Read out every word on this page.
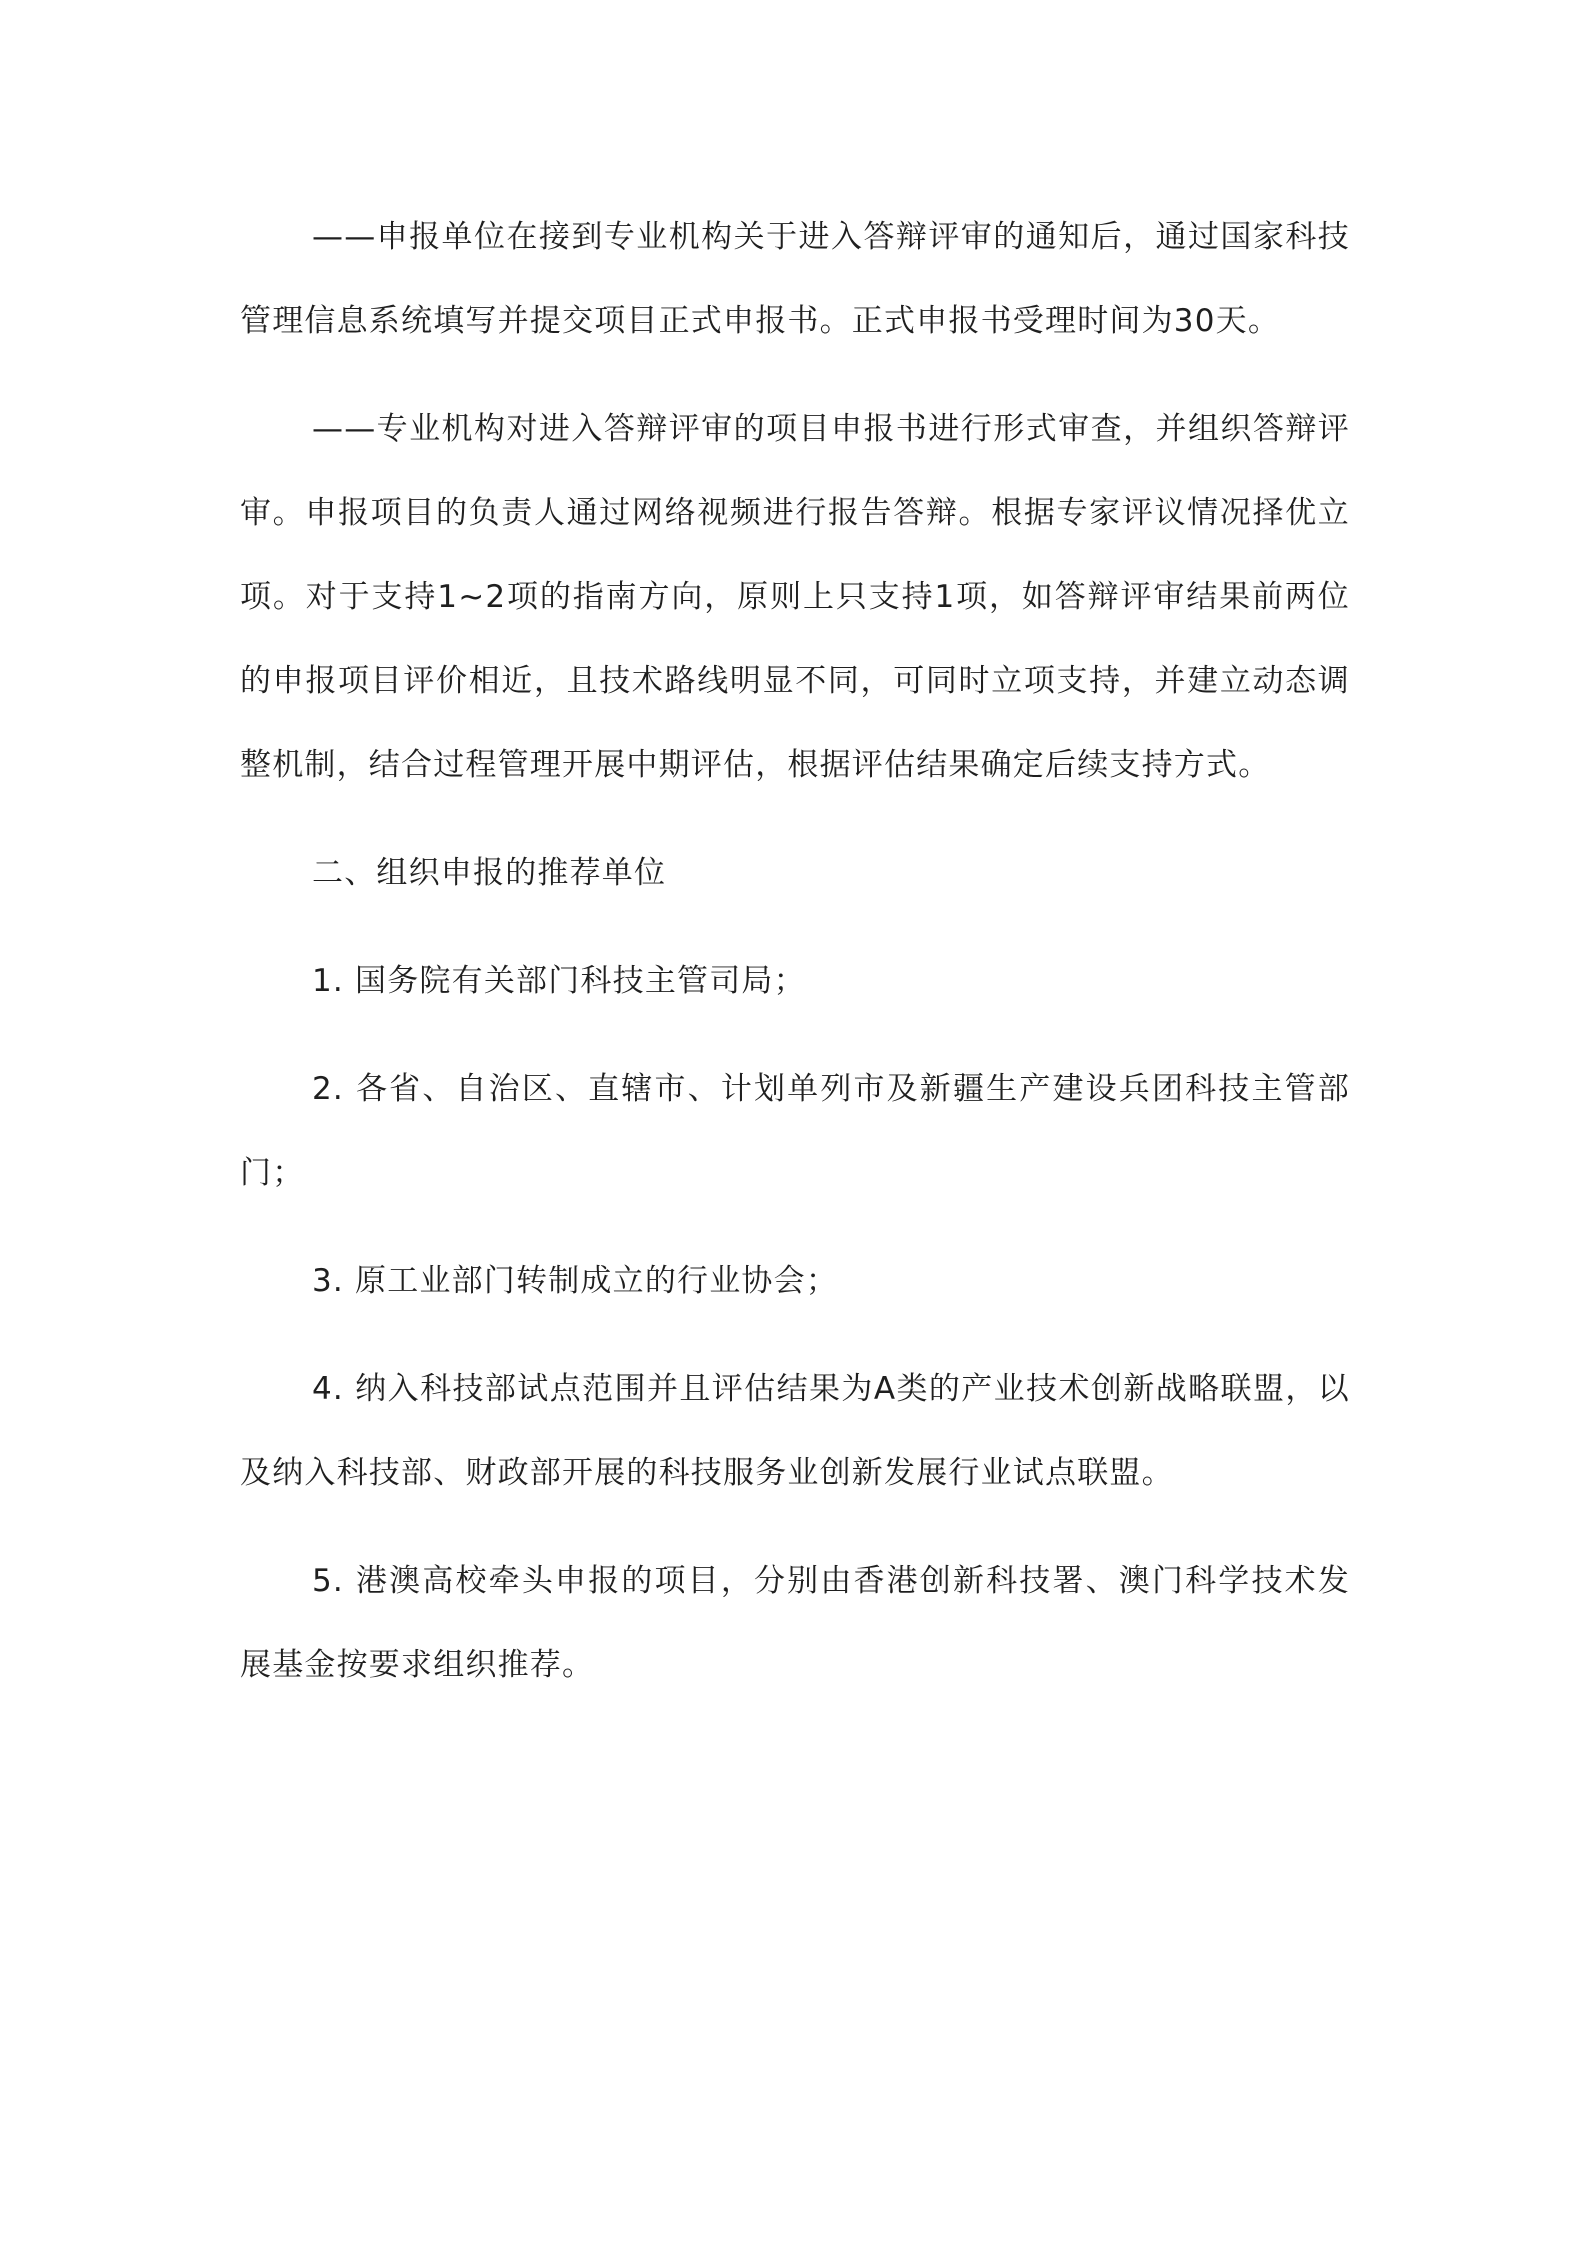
——申报单位在接到专业机构关于进入答辩评审的通知后，通过国家科技管理信息系统填写并提交项目正式申报书。正式申报书受理时间为30天。

——专业机构对进入答辩评审的项目申报书进行形式审查，并组织答辩评审。申报项目的负责人通过网络视频进行报告答辩。根据专家评议情况择优立项。对于支持1~2项的指南方向，原则上只支持1项，如答辩评审结果前两位的申报项目评价相近，且技术路线明显不同，可同时立项支持，并建立动态调整机制，结合过程管理开展中期评估，根据评估结果确定后续支持方式。

二、组织申报的推荐单位

1. 国务院有关部门科技主管司局；

2. 各省、自治区、直辖市、计划单列市及新疆生产建设兵团科技主管部门；

3. 原工业部门转制成立的行业协会；

4. 纳入科技部试点范围并且评估结果为A类的产业技术创新战略联盟，以及纳入科技部、财政部开展的科技服务业创新发展行业试点联盟。

5. 港澳高校牵头申报的项目，分别由香港创新科技署、澳门科学技术发展基金按要求组织推荐。
